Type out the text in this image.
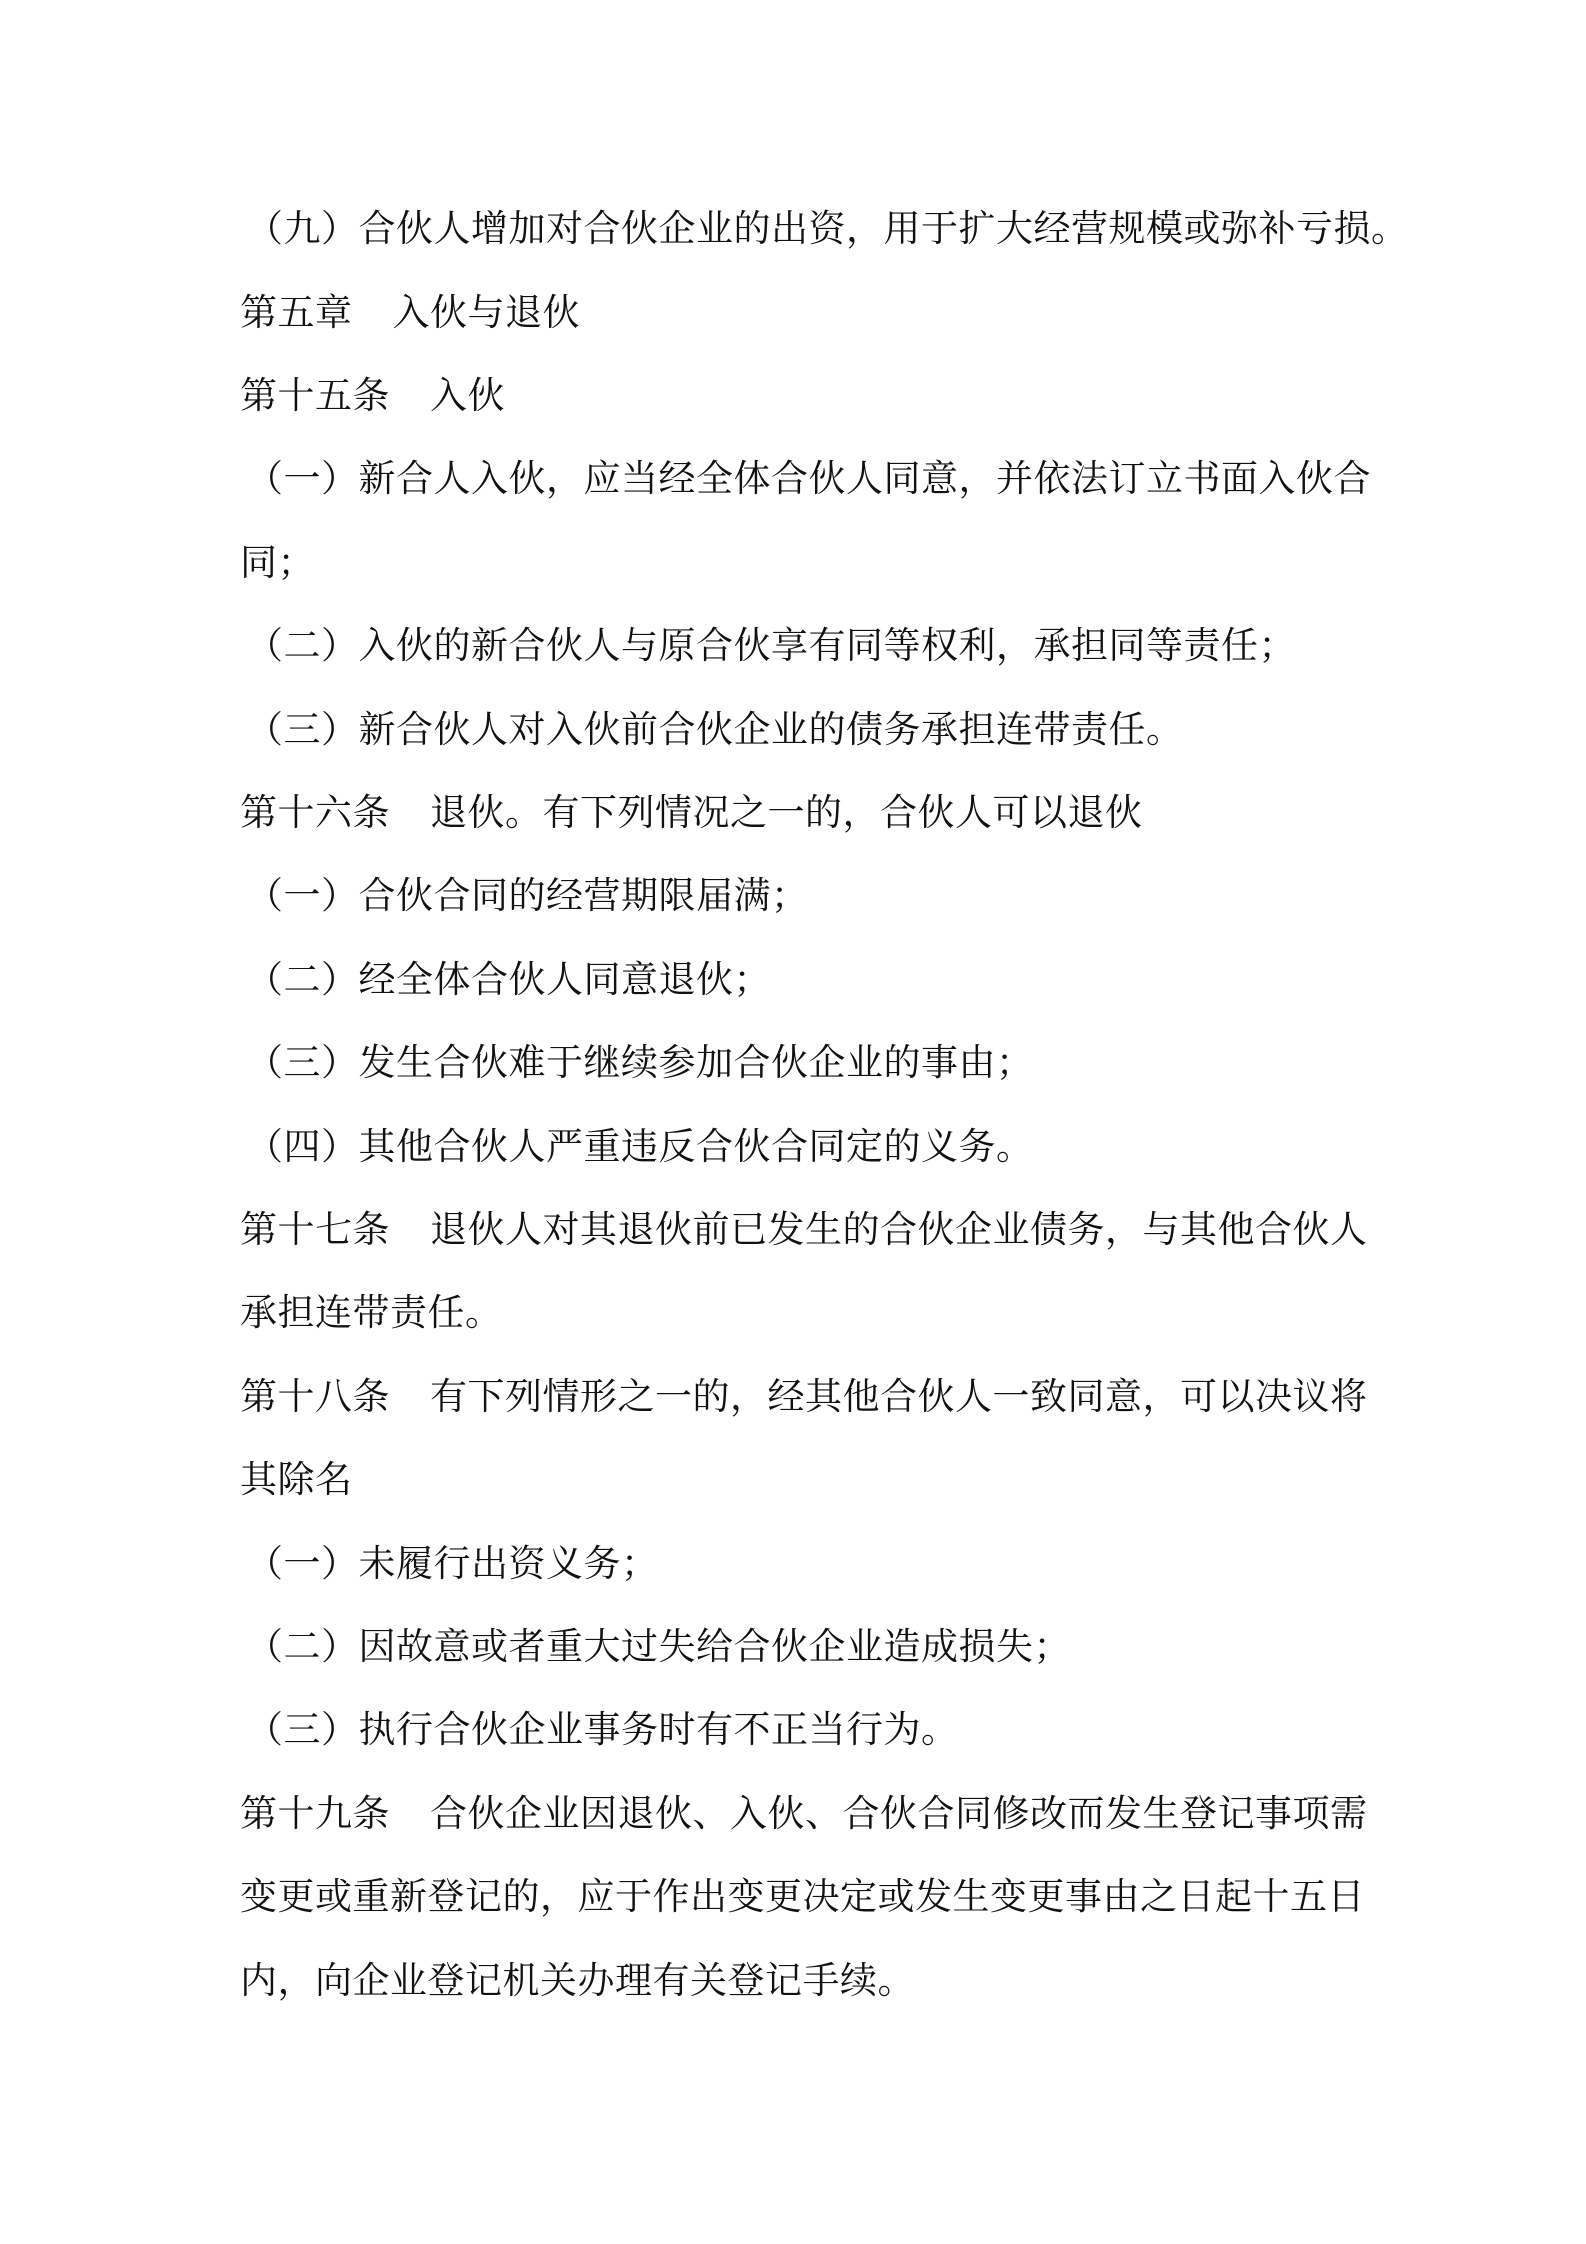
（九）合伙人增加对合伙企业的出资，用于扩大经营规模或弥补亏损。
第五章 入伙与退伙
第十五条 入伙
（一）新合人入伙，应当经全体合伙人同意，并依法订立书面入伙合
同；
（二）入伙的新合伙人与原合伙享有同等权利，承担同等责任；
（三）新合伙人对入伙前合伙企业的债务承担连带责任。
第十六条 退伙。有下列情况之一的，合伙人可以退伙
（一）合伙合同的经营期限届满；
（二）经全体合伙人同意退伙；
（三）发生合伙难于继续参加合伙企业的事由；
（四）其他合伙人严重违反合伙合同定的义务。
第十七条 退伙人对其退伙前已发生的合伙企业债务，与其他合伙人
承担连带责任。
第十八条 有下列情形之一的，经其他合伙人一致同意，可以决议将
其除名
（一）未履行出资义务；
（二）因故意或者重大过失给合伙企业造成损失；
（三）执行合伙企业事务时有不正当行为。
第十九条 合伙企业因退伙、入伙、合伙合同修改而发生登记事项需
变更或重新登记的，应于作出变更决定或发生变更事由之日起十五日
内，向企业登记机关办理有关登记手续。
